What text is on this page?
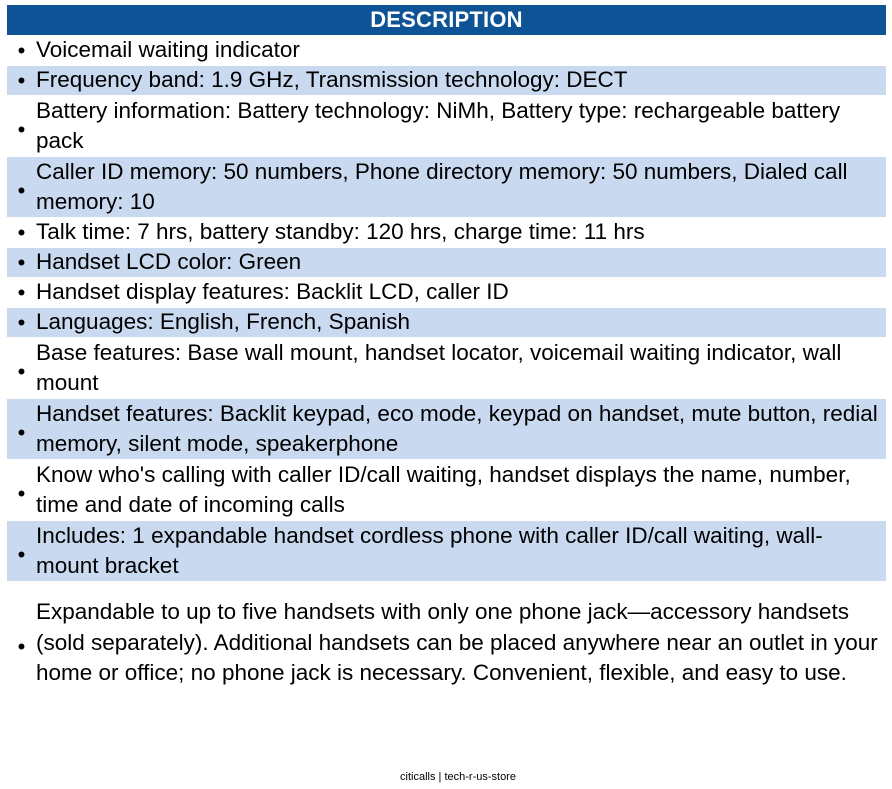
DESCRIPTION
• Voicemail waiting indicator
• Frequency band: 1.9 GHz, Transmission technology: DECT
•
Battery information: Battery technology: NiMh, Battery type: rechargeable battery pack
•
Caller ID memory: 50 numbers, Phone directory memory: 50 numbers, Dialed call memory: 10
• Talk time: 7 hrs, battery standby: 120 hrs, charge time: 11 hrs
• Handset LCD color: Green
• Handset display features: Backlit LCD, caller ID
• Languages: English, French, Spanish
•
Base features: Base wall mount, handset locator, voicemail waiting indicator, wall mount
•
Handset features: Backlit keypad, eco mode, keypad on handset, mute button, redial memory, silent mode, speakerphone
•
Know who's calling with caller ID/call waiting, handset displays the name, number, time and date of incoming calls
•
Includes: 1 expandable handset cordless phone with caller ID/call waiting, wall-mount bracket
•
Expandable to up to five handsets with only one phone jack—accessory handsets (sold separately). Additional handsets can be placed anywhere near an outlet in your home or office; no phone jack is necessary. Convenient, flexible, and easy to use.
citicalls | tech-r-us-store
